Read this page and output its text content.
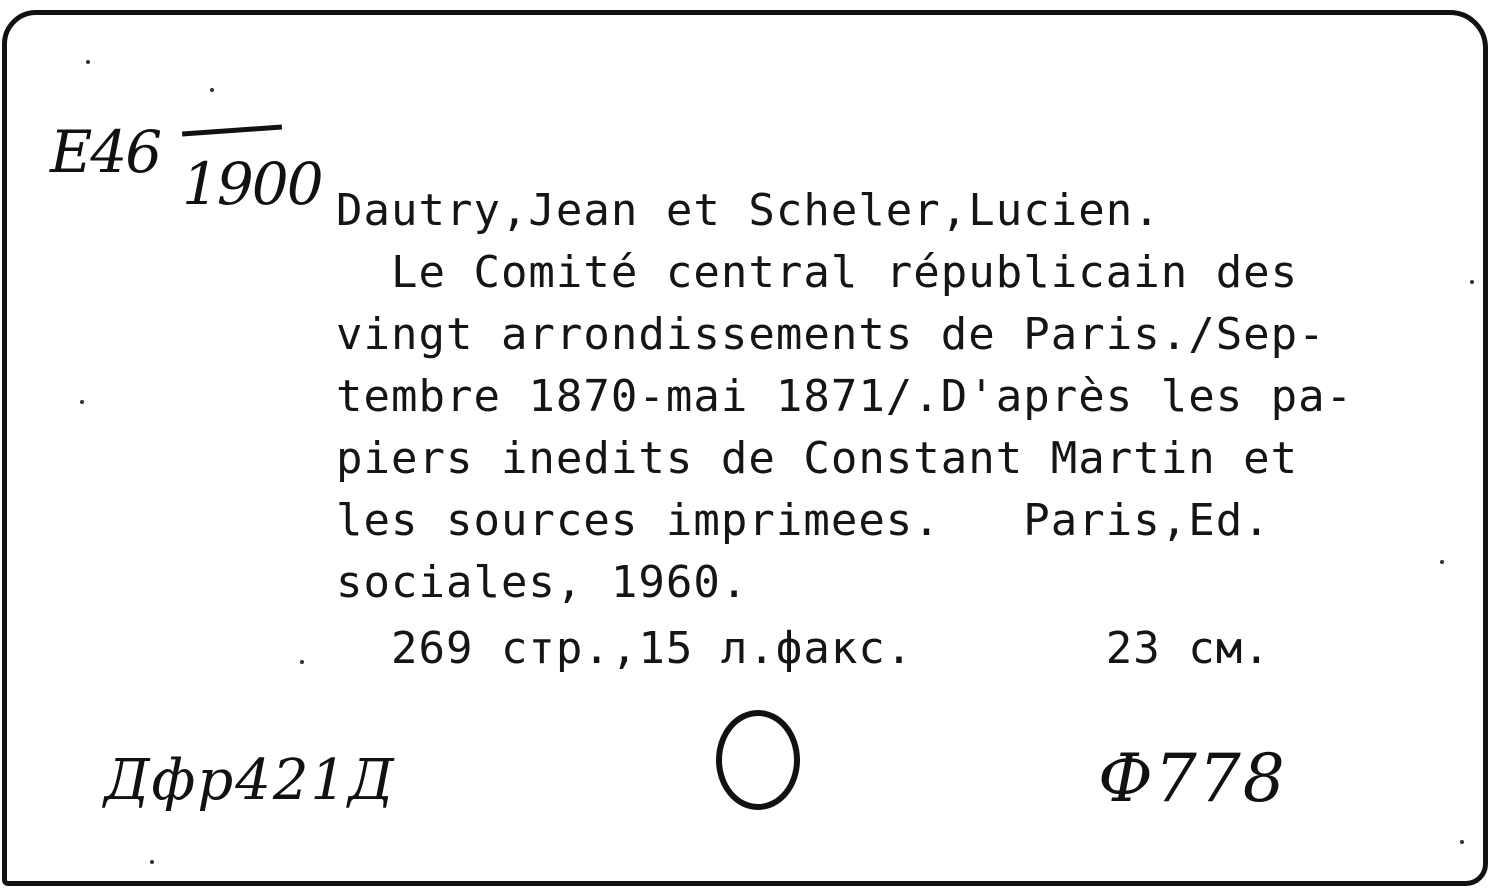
E46 1900 Dautry,Jean et Scheler,Lucien.
Le Comité central républicain des
vingt arrondissements de Paris./Sep-
tembre 1870-mai 1871/.D'après les pa-
piers inedits de Constant Martin et
les sources imprimees.   Paris,Ed.
sociales, 1960.
269 стр.,15 л.факс.       23 см.
Дфр421Д	Ф778
